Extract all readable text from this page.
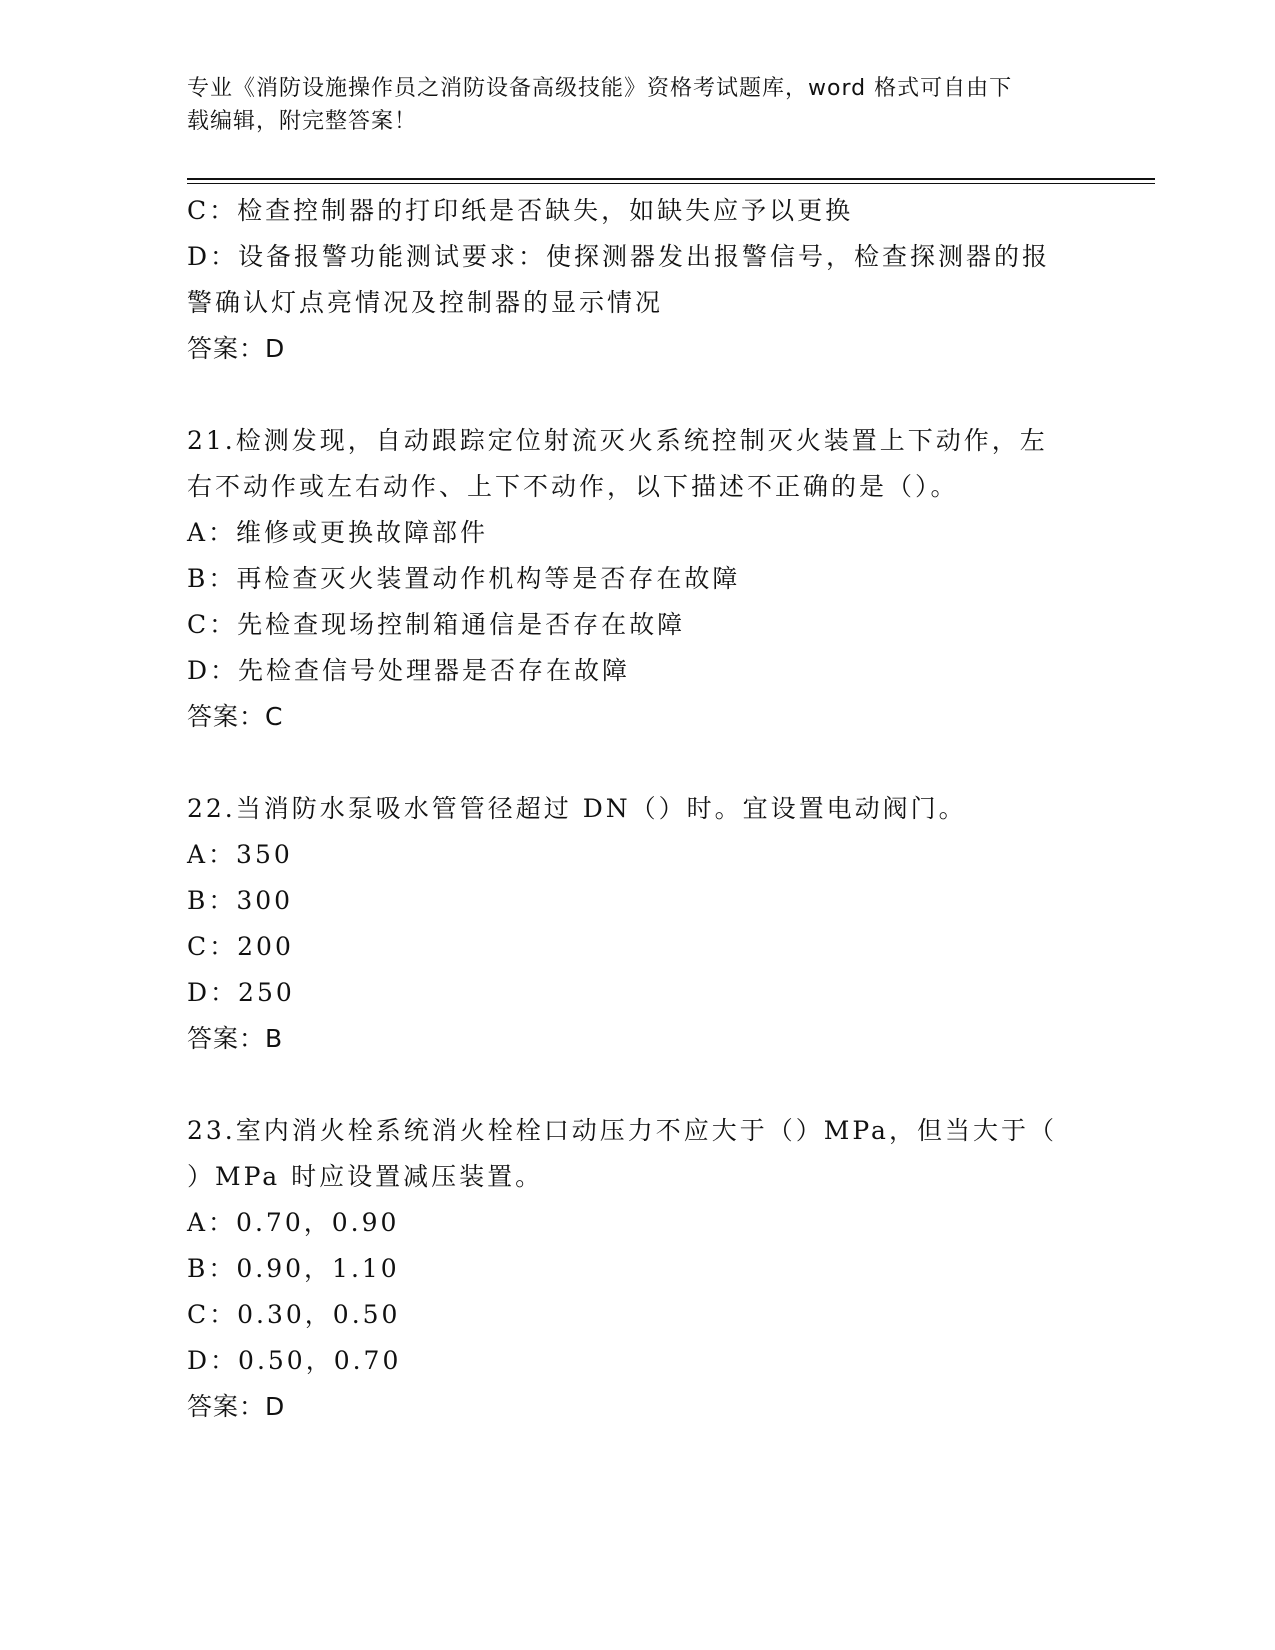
专业《消防设施操作员之消防设备高级技能》资格考试题库，word 格式可自由下
载编辑，附完整答案！
C：检查控制器的打印纸是否缺失，如缺失应予以更换
D：设备报警功能测试要求：使探测器发出报警信号，检查探测器的报
警确认灯点亮情况及控制器的显示情况
答案：D
21.检测发现，自动跟踪定位射流灭火系统控制灭火装置上下动作，左
右不动作或左右动作、上下不动作，以下描述不正确的是（）。
A：维修或更换故障部件
B：再检查灭火装置动作机构等是否存在故障
C：先检查现场控制箱通信是否存在故障
D：先检查信号处理器是否存在故障
答案：C
22.当消防水泵吸水管管径超过 DN（）时。宜设置电动阀门。
A：350
B：300
C：200
D：250
答案：B
23.室内消火栓系统消火栓栓口动压力不应大于（）MPa，但当大于（
）MPa 时应设置减压装置。
A：0.70，0.90
B：0.90，1.10
C：0.30，0.50
D：0.50，0.70
答案：D
